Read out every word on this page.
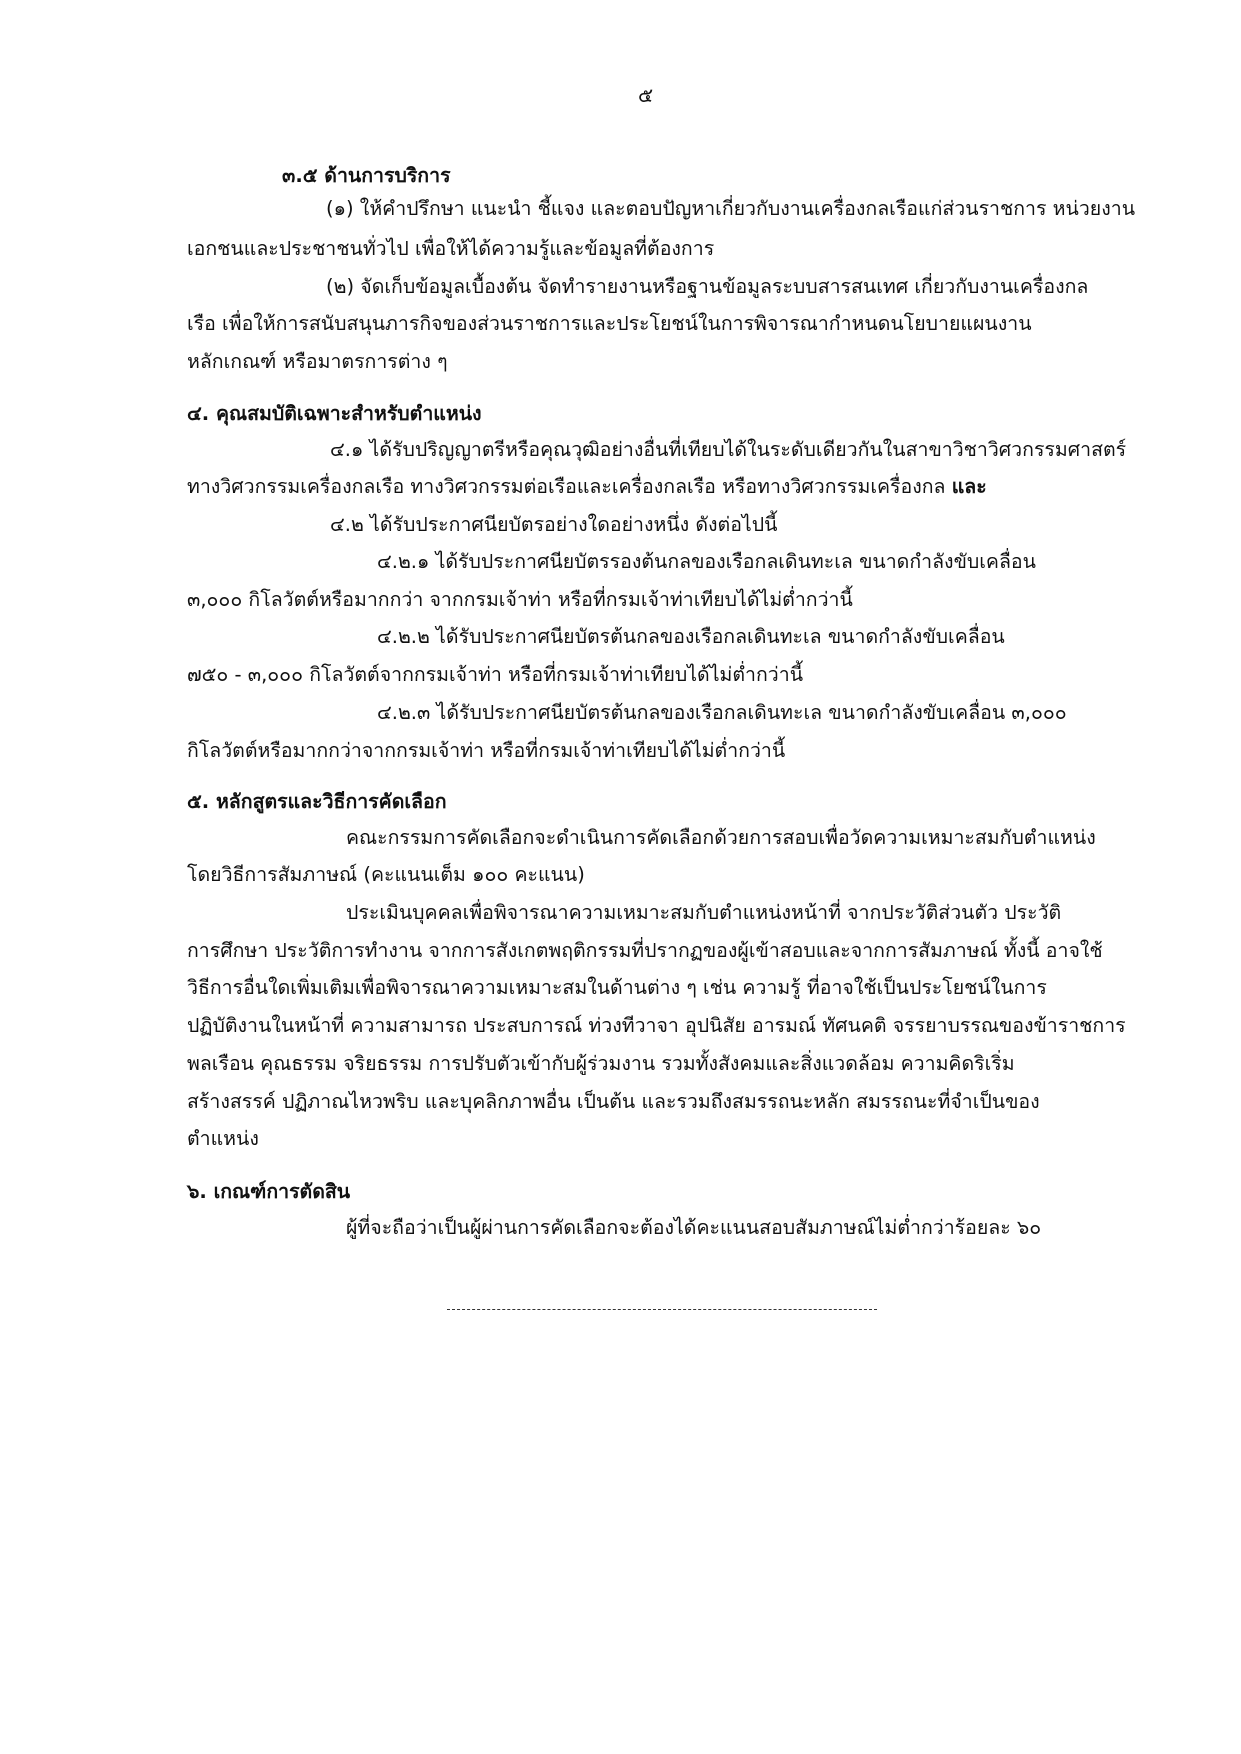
๕
๓.๕ ด้านการบริการ
(๑) ให้คำปรึกษา แนะนำ ชี้แจง และตอบปัญหาเกี่ยวกับงานเครื่องกลเรือแก่ส่วนราชการ หน่วยงาน
เอกชนและประชาชนทั่วไป เพื่อให้ได้ความรู้และข้อมูลที่ต้องการ
(๒) จัดเก็บข้อมูลเบื้องต้น จัดทำรายงานหรือฐานข้อมูลระบบสารสนเทศ เกี่ยวกับงานเครื่องกล
เรือ เพื่อให้การสนับสนุนภารกิจของส่วนราชการและประโยชน์ในการพิจารณากำหนดนโยบายแผนงาน
หลักเกณฑ์ หรือมาตรการต่าง ๆ
๔. คุณสมบัติเฉพาะสำหรับตำแหน่ง
๔.๑ ได้รับปริญญาตรีหรือคุณวุฒิอย่างอื่นที่เทียบได้ในระดับเดียวกันในสาขาวิชาวิศวกรรมศาสตร์
ทางวิศวกรรมเครื่องกลเรือ ทางวิศวกรรมต่อเรือและเครื่องกลเรือ หรือทางวิศวกรรมเครื่องกล และ
๔.๒ ได้รับประกาศนียบัตรอย่างใดอย่างหนึ่ง ดังต่อไปนี้
๔.๒.๑ ได้รับประกาศนียบัตรรองต้นกลของเรือกลเดินทะเล ขนาดกำลังขับเคลื่อน
๓,๐๐๐ กิโลวัตต์หรือมากกว่า จากกรมเจ้าท่า หรือที่กรมเจ้าท่าเทียบได้ไม่ต่ำกว่านี้
๔.๒.๒ ได้รับประกาศนียบัตรต้นกลของเรือกลเดินทะเล ขนาดกำลังขับเคลื่อน
๗๕๐ - ๓,๐๐๐ กิโลวัตต์จากกรมเจ้าท่า หรือที่กรมเจ้าท่าเทียบได้ไม่ต่ำกว่านี้
๔.๒.๓ ได้รับประกาศนียบัตรต้นกลของเรือกลเดินทะเล ขนาดกำลังขับเคลื่อน ๓,๐๐๐
กิโลวัตต์หรือมากกว่าจากกรมเจ้าท่า หรือที่กรมเจ้าท่าเทียบได้ไม่ต่ำกว่านี้
๕. หลักสูตรและวิธีการคัดเลือก
คณะกรรมการคัดเลือกจะดำเนินการคัดเลือกด้วยการสอบเพื่อวัดความเหมาะสมกับตำแหน่ง
โดยวิธีการสัมภาษณ์ (คะแนนเต็ม ๑๐๐ คะแนน)
ประเมินบุคคลเพื่อพิจารณาความเหมาะสมกับตำแหน่งหน้าที่ จากประวัติส่วนตัว ประวัติ
การศึกษา ประวัติการทำงาน จากการสังเกตพฤติกรรมที่ปรากฏของผู้เข้าสอบและจากการสัมภาษณ์ ทั้งนี้ อาจใช้
วิธีการอื่นใดเพิ่มเติมเพื่อพิจารณาความเหมาะสมในด้านต่าง ๆ เช่น ความรู้ ที่อาจใช้เป็นประโยชน์ในการ
ปฏิบัติงานในหน้าที่ ความสามารถ ประสบการณ์ ท่วงทีวาจา อุปนิสัย อารมณ์ ทัศนคติ จรรยาบรรณของข้าราชการ
พลเรือน คุณธรรม จริยธรรม การปรับตัวเข้ากับผู้ร่วมงาน รวมทั้งสังคมและสิ่งแวดล้อม ความคิดริเริ่ม
สร้างสรรค์ ปฏิภาณไหวพริบ และบุคลิกภาพอื่น เป็นต้น และรวมถึงสมรรถนะหลัก สมรรถนะที่จำเป็นของ
ตำแหน่ง
๖. เกณฑ์การตัดสิน
ผู้ที่จะถือว่าเป็นผู้ผ่านการคัดเลือกจะต้องได้คะแนนสอบสัมภาษณ์ไม่ต่ำกว่าร้อยละ ๖๐
